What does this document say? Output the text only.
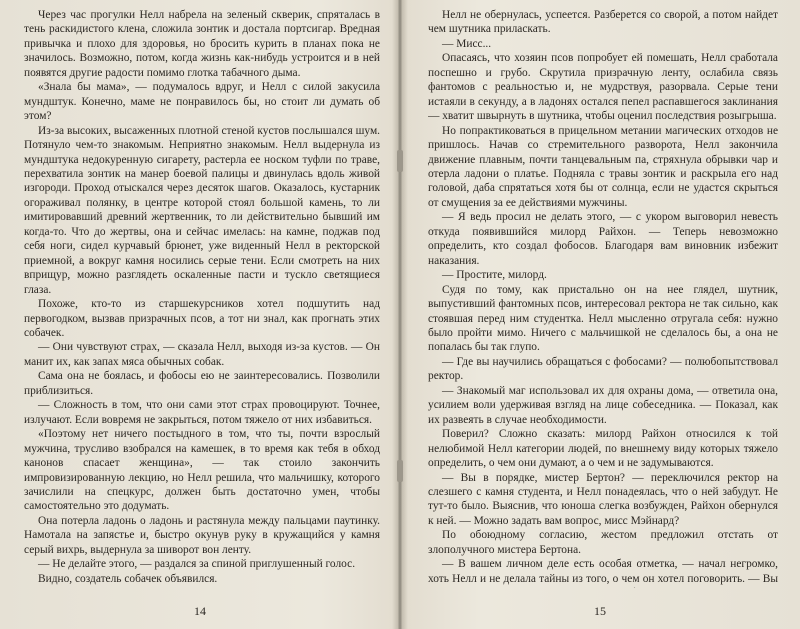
Через час прогулки Нелл набрела на зеленый скверик, спряталась в тень раскидистого клена, сложила зонтик и достала портсигар. Вредная привычка и плохо для здоровья, но бросить курить в планах пока не значилось. Возможно, потом, когда жизнь как-нибудь устроится и в ней появятся другие радости помимо глотка табачного дыма.

«Знала бы мама», — подумалось вдруг, и Нелл с силой закусила мундштук. Конечно, маме не понравилось бы, но стоит ли думать об этом?

Из-за высоких, высаженных плотной стеной кустов послышался шум. Потянуло чем-то знакомым. Неприятно знакомым. Нелл выдернула из мундштука недокуренную сигарету, растерла ее носком туфли по траве, перехватила зонтик на манер боевой палицы и двинулась вдоль живой изгороди. Проход отыскался через десяток шагов. Оказалось, кустарник огораживал полянку, в центре которой стоял большой камень, то ли имитировавший древний жертвенник, то ли действительно бывший им когда-то. Что до жертвы, она и сейчас имелась: на камне, поджав под себя ноги, сидел курчавый брюнет, уже виденный Нелл в ректорской приемной, а вокруг камня носились серые тени. Если смотреть на них вприщур, можно разглядеть оскаленные пасти и тускло светящиеся глаза.

Похоже, кто-то из старшекурсников хотел подшутить над первогодком, вызвав призрачных псов, а тот ни знал, как прогнать этих собачек.

— Они чувствуют страх, — сказала Нелл, выходя из-за кустов. — Он манит их, как запах мяса обычных собак.

Сама она не боялась, и фобосы ею не заинтересовались. Позволили приблизиться.

— Сложность в том, что они сами этот страх провоцируют. Точнее, излучают. Если вовремя не закрыться, потом тяжело от них избавиться.

«Поэтому нет ничего постыдного в том, что ты, почти взрослый мужчина, трусливо взобрался на камешек, в то время как тебя в обход канонов спасает женщина», — так стоило закончить импровизированную лекцию, но Нелл решила, что мальчишку, которого зачислили на спецкурс, должен быть достаточно умен, чтобы самостоятельно это додумать.

Она потерла ладонь о ладонь и растянула между пальцами паутинку. Намотала на запястье и, быстро окунув руку в кружащийся у камня серый вихрь, выдернула за шиворот вон ленту.

— Не делайте этого, — раздался за спиной приглушенный голос.

Видно, создатель собачек объявился.

14

Нелл не обернулась, успеется. Разберется со сворой, а потом найдет чем шутника приласкать.

— Мисс...

Опасаясь, что хозяин псов попробует ей помешать, Нелл сработала поспешно и грубо. Скрутила призрачную ленту, ослабила связь фантомов с реальностью и, не мудрствуя, разорвала. Серые тени истаяли в секунду, а в ладонях остался пепел распавшегося заклинания — хватит швырнуть в шутника, чтобы оценил последствия розыгрыша.

Но попрактиковаться в прицельном метании магических отходов не пришлось. Начав со стремительного разворота, Нелл закончила движение плавным, почти танцевальным па, стряхнула обрывки чар и отерла ладони о платье. Подняла с травы зонтик и раскрыла его над головой, даба спрятаться хотя бы от солнца, если не удастся скрыться от смущения за ее действиями мужчины.

— Я ведь просил не делать этого, — с укором выговорил невесть откуда появившийся милорд Райхон. — Теперь невозможно определить, кто создал фобосов. Благодаря вам виновник избежит наказания.

— Простите, милорд.

Судя по тому, как пристально он на нее глядел, шутник, выпустивший фантомных псов, интересовал ректора не так сильно, как стоявшая перед ним студентка. Нелл мысленно отругала себя: нужно было пройти мимо. Ничего с мальчишкой не сделалось бы, а она не попалась бы так глупо.

— Где вы научились обращаться с фобосами? — полюбопытствовал ректор.

— Знакомый маг использовал их для охраны дома, — ответила она, усилием воли удерживая взгляд на лице собеседника. — Показал, как их развеять в случае необходимости.

Поверил? Сложно сказать: милорд Райхон относился к той нелюбимой Нелл категории людей, по внешнему виду которых тяжело определить, о чем они думают, а о чем и не задумываются.

— Вы в порядке, мистер Бертон? — переключился ректор на слезшего с камня студента, и Нелл понадеялась, что о ней забудут. Не тут-то было. Выяснив, что юноша слегка возбужден, Райхон обернулся к ней. — Можно задать вам вопрос, мисс Мэйнард?

По обоюдному согласию, жестом предложил отстать от злополучного мистера Бертона.

— В вашем личном деле есть особая отметка, — начал негромко, хоть Нелл и не делала тайны из того, о чем он хотел поговорить. — Вы

15
